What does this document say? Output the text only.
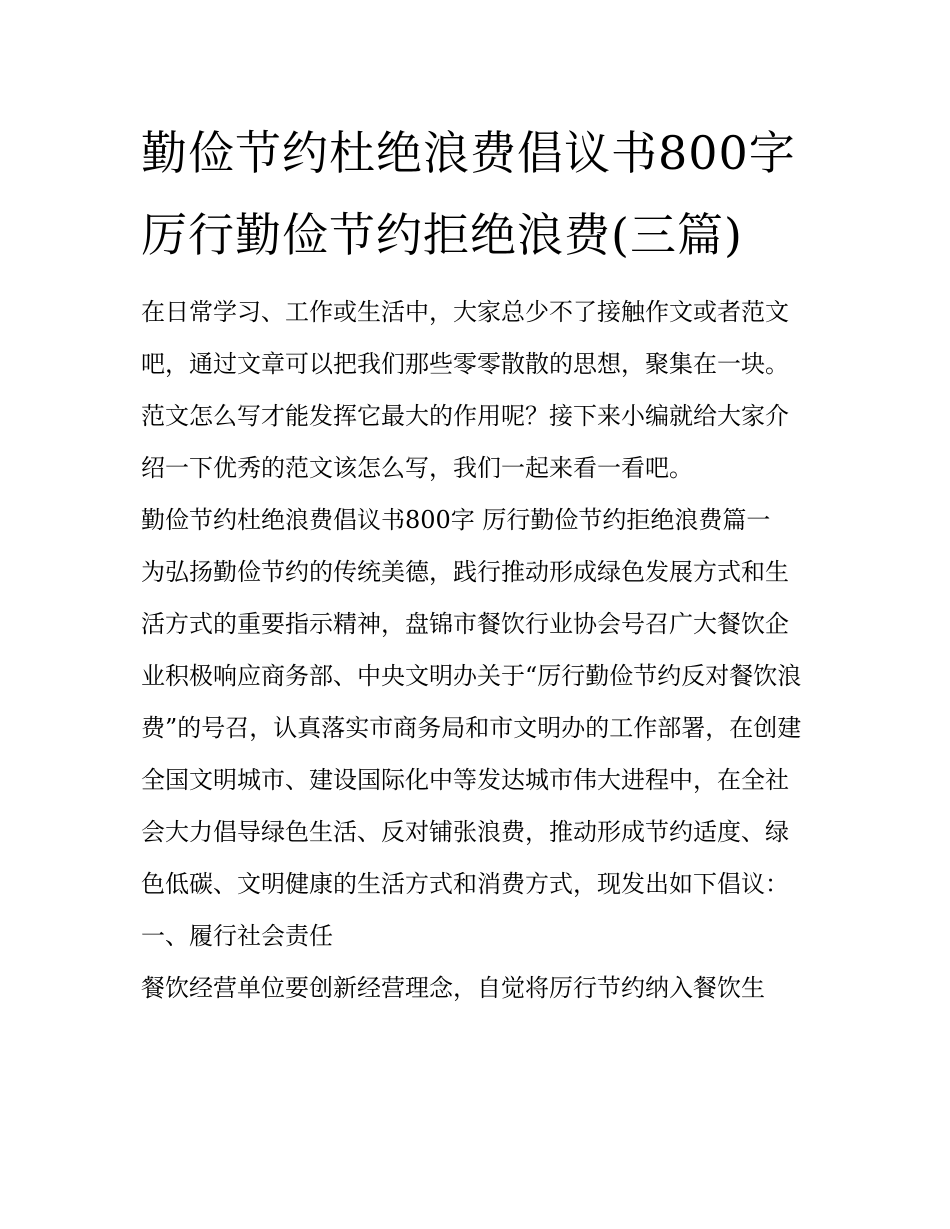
勤俭节约杜绝浪费倡议书800字 厉行勤俭节约拒绝浪费(三篇)

在日常学习、工作或生活中，大家总少不了接触作文或者范文吧，通过文章可以把我们那些零零散散的思想，聚集在一块。范文怎么写才能发挥它最大的作用呢？接下来小编就给大家介绍一下优秀的范文该怎么写，我们一起来看一看吧。

勤俭节约杜绝浪费倡议书800字 厉行勤俭节约拒绝浪费篇一

为弘扬勤俭节约的传统美德，践行推动形成绿色发展方式和生活方式的重要指示精神，盘锦市餐饮行业协会号召广大餐饮企业积极响应商务部、中央文明办关于“厉行勤俭节约反对餐饮浪费”的号召，认真落实市商务局和市文明办的工作部署，在创建全国文明城市、建设国际化中等发达城市伟大进程中，在全社会大力倡导绿色生活、反对铺张浪费，推动形成节约适度、绿色低碳、文明健康的生活方式和消费方式，现发出如下倡议：

一、履行社会责任

餐饮经营单位要创新经营理念，自觉将厉行节约纳入餐饮生
